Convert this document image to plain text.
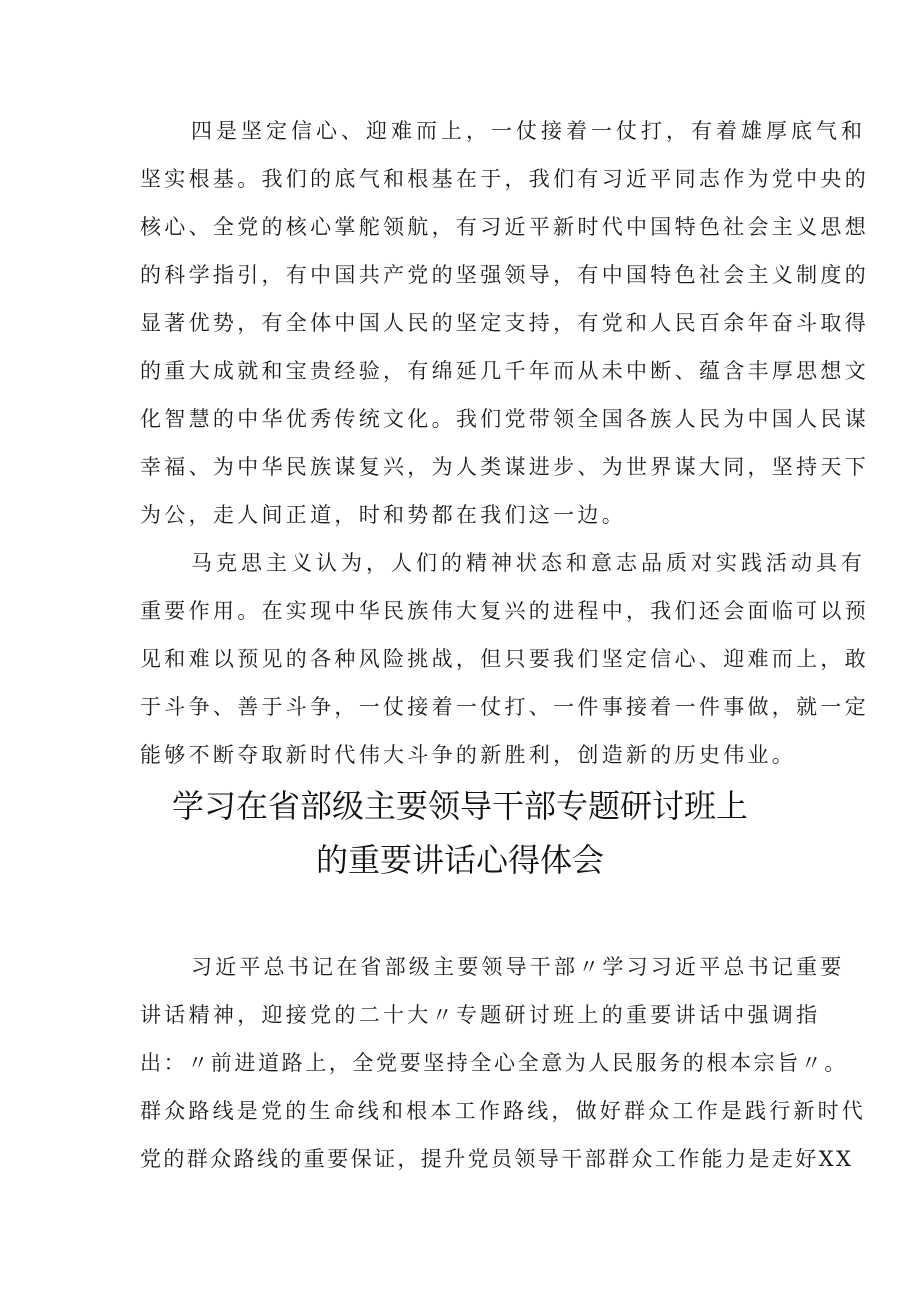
四是坚定信心、迎难而上，一仗接着一仗打，有着雄厚底气和
坚实根基。我们的底气和根基在于，我们有习近平同志作为党中央的
核心、全党的核心掌舵领航，有习近平新时代中国特色社会主义思想
的科学指引，有中国共产党的坚强领导，有中国特色社会主义制度的
显著优势，有全体中国人民的坚定支持，有党和人民百余年奋斗取得
的重大成就和宝贵经验，有绵延几千年而从未中断、蕴含丰厚思想文
化智慧的中华优秀传统文化。我们党带领全国各族人民为中国人民谋
幸福、为中华民族谋复兴，为人类谋进步、为世界谋大同，坚持天下
为公，走人间正道，时和势都在我们这一边。
马克思主义认为，人们的精神状态和意志品质对实践活动具有
重要作用。在实现中华民族伟大复兴的进程中，我们还会面临可以预
见和难以预见的各种风险挑战，但只要我们坚定信心、迎难而上，敢
于斗争、善于斗争，一仗接着一仗打、一件事接着一件事做，就一定
能够不断夺取新时代伟大斗争的新胜利，创造新的历史伟业。
学习在省部级主要领导干部专题研讨班上
的重要讲话心得体会
习近平总书记在省部级主要领导干部〃学习习近平总书记重要
讲话精神，迎接党的二十大〃专题研讨班上的重要讲话中强调指
出：〃前进道路上，全党要坚持全心全意为人民服务的根本宗旨〃。
群众路线是党的生命线和根本工作路线，做好群众工作是践行新时代
党的群众路线的重要保证，提升党员领导干部群众工作能力是走好XX
